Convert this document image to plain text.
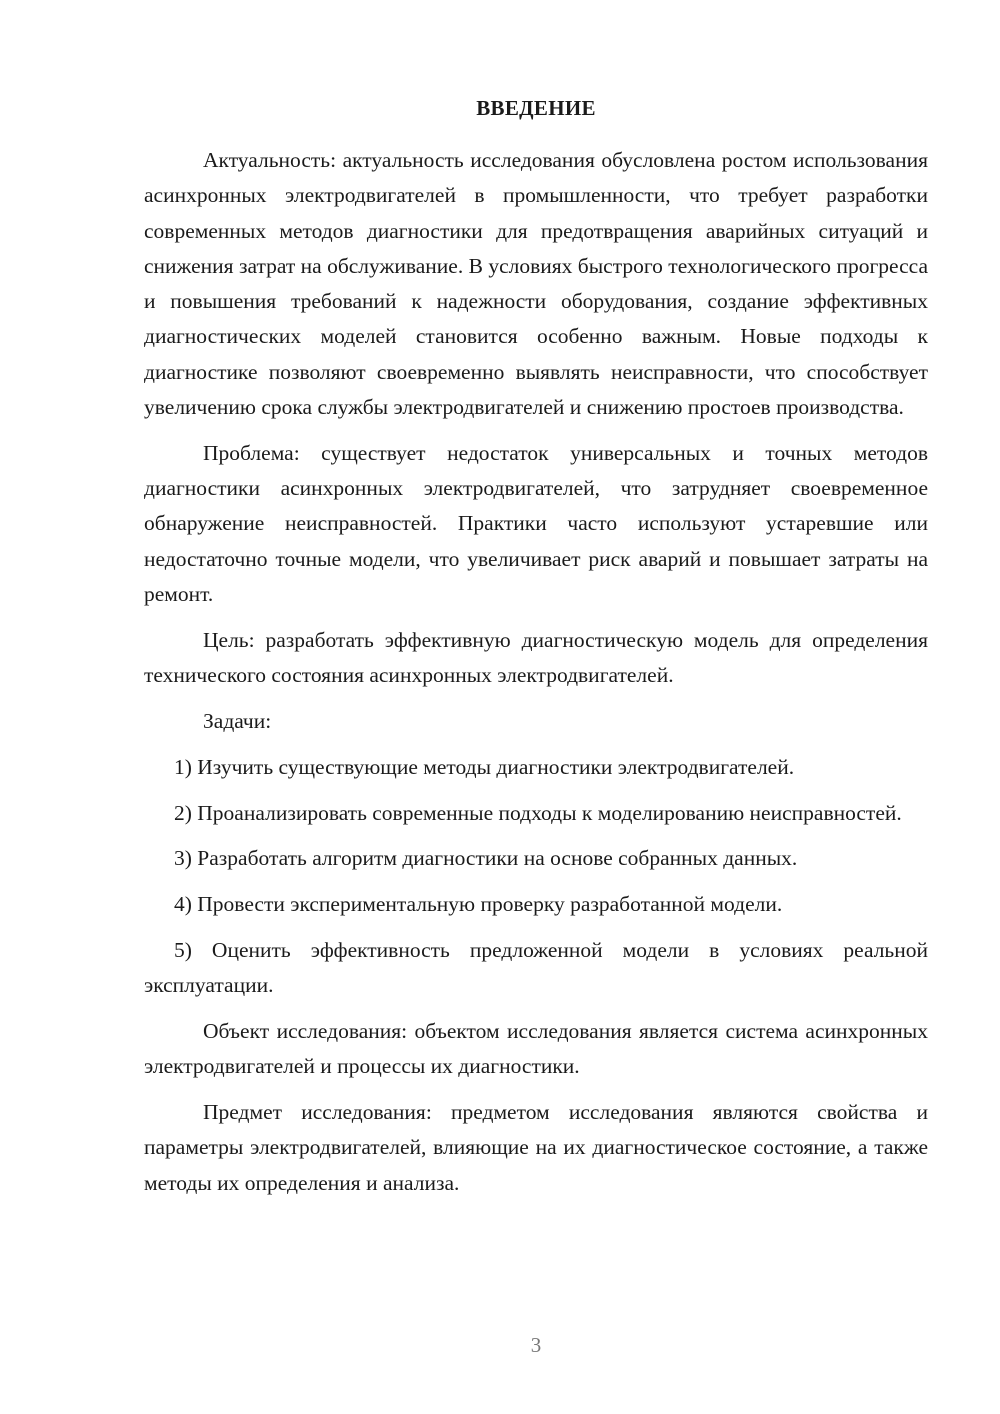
ВВЕДЕНИЕ

Актуальность: актуальность исследования обусловлена ростом использования асинхронных электродвигателей в промышленности, что требует разработки современных методов диагностики для предотвращения аварийных ситуаций и снижения затрат на обслуживание. В условиях быстрого технологического прогресса и повышения требований к надежности оборудования, создание эффективных диагностических моделей становится особенно важным. Новые подходы к диагностике позволяют своевременно выявлять неисправности, что способствует увеличению срока службы электродвигателей и снижению простоев производства.

Проблема: существует недостаток универсальных и точных методов диагностики асинхронных электродвигателей, что затрудняет своевременное обнаружение неисправностей. Практики часто используют устаревшие или недостаточно точные модели, что увеличивает риск аварий и повышает затраты на ремонт.

Цель: разработать эффективную диагностическую модель для определения технического состояния асинхронных электродвигателей.

Задачи:

1) Изучить существующие методы диагностики электродвигателей.

2) Проанализировать современные подходы к моделированию неисправностей.

3) Разработать алгоритм диагностики на основе собранных данных.

4) Провести экспериментальную проверку разработанной модели.

5) Оценить эффективность предложенной модели в условиях реальной эксплуатации.

Объект исследования: объектом исследования является система асинхронных электродвигателей и процессы их диагностики.

Предмет исследования: предметом исследования являются свойства и параметры электродвигателей, влияющие на их диагностическое состояние, а также методы их определения и анализа.

3
